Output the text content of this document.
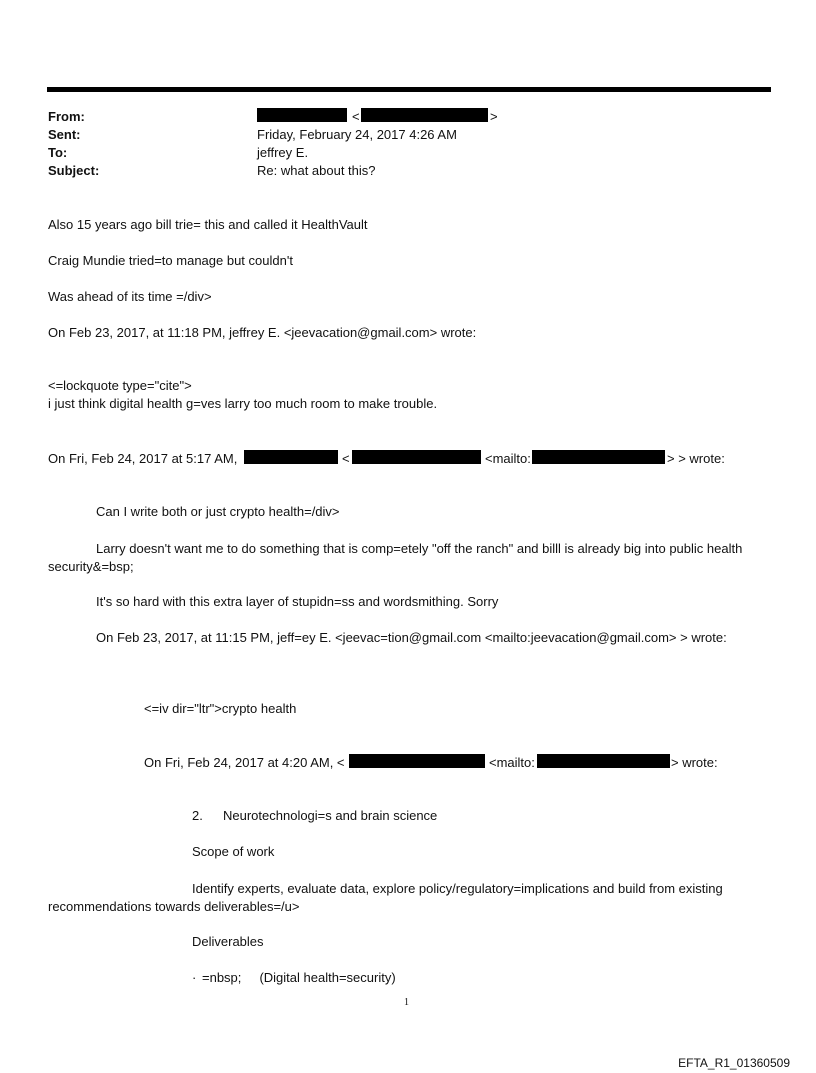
From:	<	>
Sent:	Friday, February 24, 2017 4:26 AM
To:	jeffrey E.
Subject:	Re: what about this?
Also 15 years ago bill trie= this and called it HealthVault
Craig Mundie tried=to manage but couldn't
Was ahead of its time =/div>
On Feb 23, 2017, at 11:18 PM, jeffrey E. <jeevacation@gmail.com> wrote:
<=lockquote type="cite">
i just think digital health g=ves larry too much room to make trouble.
On Fri, Feb 24, 2017 at 5:17 AM,	<	<mailto:	> > wrote:
Can I write both or just crypto health=/div>
Larry doesn't want me to do something that is comp=etely "off the ranch" and billl is already big into public health security&=bsp;
It's so hard with this extra layer of stupidn=ss and wordsmithing. Sorry
On Feb 23, 2017, at 11:15 PM, jeff=ey E. <jeevac=tion@gmail.com <mailto:jeevacation@gmail.com> > wrote:
<=iv dir="ltr">crypto health
On Fri, Feb 24, 2017 at 4:20 AM, <	<mailto:	> wrote:
2. Neurotechnologi=s and brain science
Scope of work
Identify experts, evaluate data, explore policy/regulatory=implications and build from existing recommendations towards deliverables=/u>
Deliverables
· =nbsp;     (Digital health=security)
1
EFTA_R1_01360509
